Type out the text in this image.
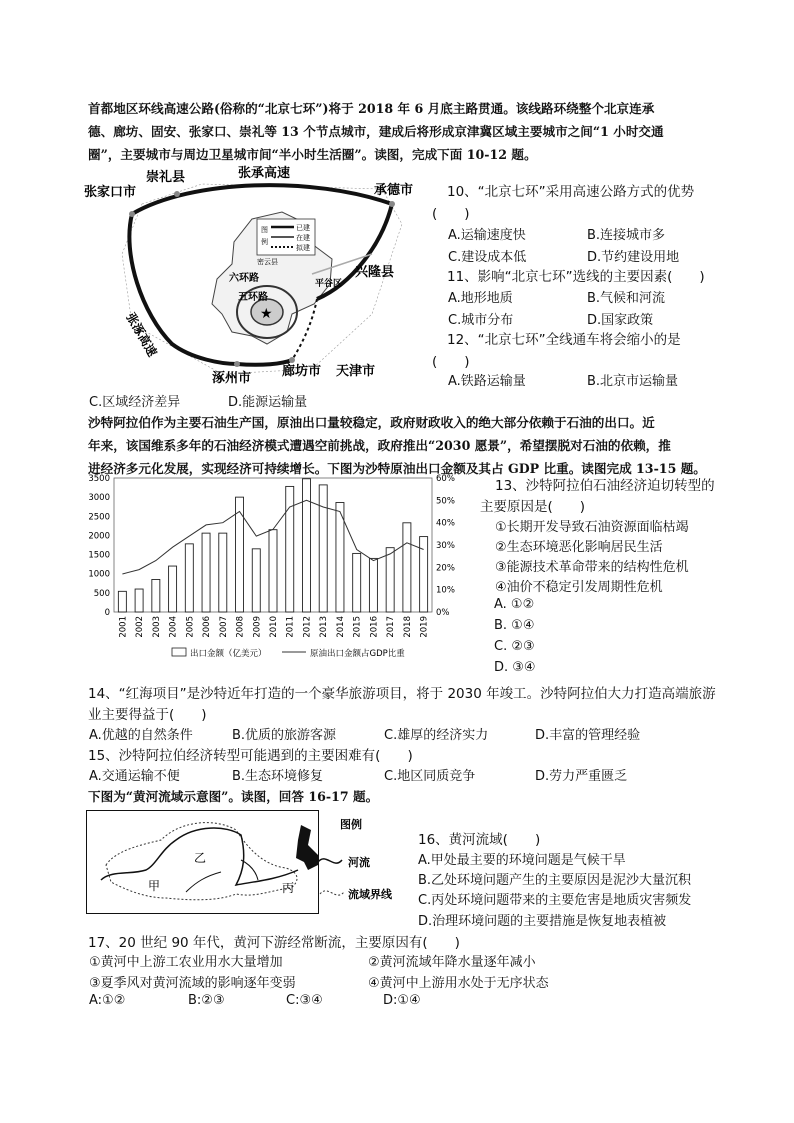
首都地区环线高速公路(俗称的“北京七环”)将于 2018 年 6 月底主路贯通。该线路环绕整个北京连承
德、廊坊、固安、张家口、崇礼等 13 个节点城市，建成后将形成京津冀区域主要城市之间“1 小时交通
圈”，主要城市与周边卫星城市间“半小时生活圈”。读图，完成下面 10-12 题。
★
图
例
已建
在建
拟建
张家口市
崇礼县	张承高速
承德市
密云县
兴隆县
平谷区
六环路
五环路
张涿高速
涿州市 廊坊市 天津市
10、“北京七环”采用高速公路方式的优势
(　　)
A.运输速度快	B.连接城市多
C.建设成本低	D.节约建设用地
11、影响“北京七环”选线的主要因素(　　)
A.地形地质	B.气候和河流
C.城市分布	D.国家政策
12、“北京七环”全线通车将会缩小的是
(　　)
A.铁路运输量	B.北京市运输量
C.区域经济差异	D.能源运输量
沙特阿拉伯作为主要石油生产国，原油出口量较稳定，政府财政收入的绝大部分依赖于石油的出口。近
年来，该国维系多年的石油经济模式遭遇空前挑战，政府推出“2030 愿景”，希望摆脱对石油的依赖，推
进经济多元化发展，实现经济可持续增长。下图为沙特原油出口金额及其占 GDP 比重。读图完成 13-15 题。
0
500
1000
1500
2000
2500
3000
3500
0%
10%
20%
30%
40%
50%
60%
2001 2002 2003 2004 2005 2006 2007 2008 2009 2010 2011 2012 2013 2014 2015 2016 2017 2018 2019
出口金额（亿美元）	原油出口金额占GDP比重
13、沙特阿拉伯石油经济迫切转型的
主要原因是(　　)
①长期开发导致石油资源面临枯竭
②生态环境恶化影响居民生活
③能源技术革命带来的结构性危机
④油价不稳定引发周期性危机
A. ①②
B. ①④
C. ②③
D. ③④
14、“红海项目”是沙特近年打造的一个豪华旅游项目，将于 2030 年竣工。沙特阿拉伯大力打造高端旅游
业主要得益于(　　)
A.优越的自然条件	B.优质的旅游客源	C.雄厚的经济实力	D.丰富的管理经验
15、沙特阿拉伯经济转型可能遇到的主要困难有(　　)
A.交通运输不便	B.生态环境修复	C.地区同质竞争	D.劳力严重匮乏
下图为“黄河流域示意图”。读图，回答 16-17 题。
甲
乙
丙
图例
河流
流域界线
16、黄河流域(　　)
A.甲处最主要的环境问题是气候干旱
B.乙处环境问题产生的主要原因是泥沙大量沉积
C.丙处环境问题带来的主要危害是地质灾害频发
D.治理环境问题的主要措施是恢复地表植被
17、20 世纪 90 年代，黄河下游经常断流，主要原因有(　　)
①黄河中上游工农业用水大量增加	②黄河流域年降水量逐年减小
③夏季风对黄河流域的影响逐年变弱	④黄河中上游用水处于无序状态
A:①②	B:②③	C:③④	D:①④
